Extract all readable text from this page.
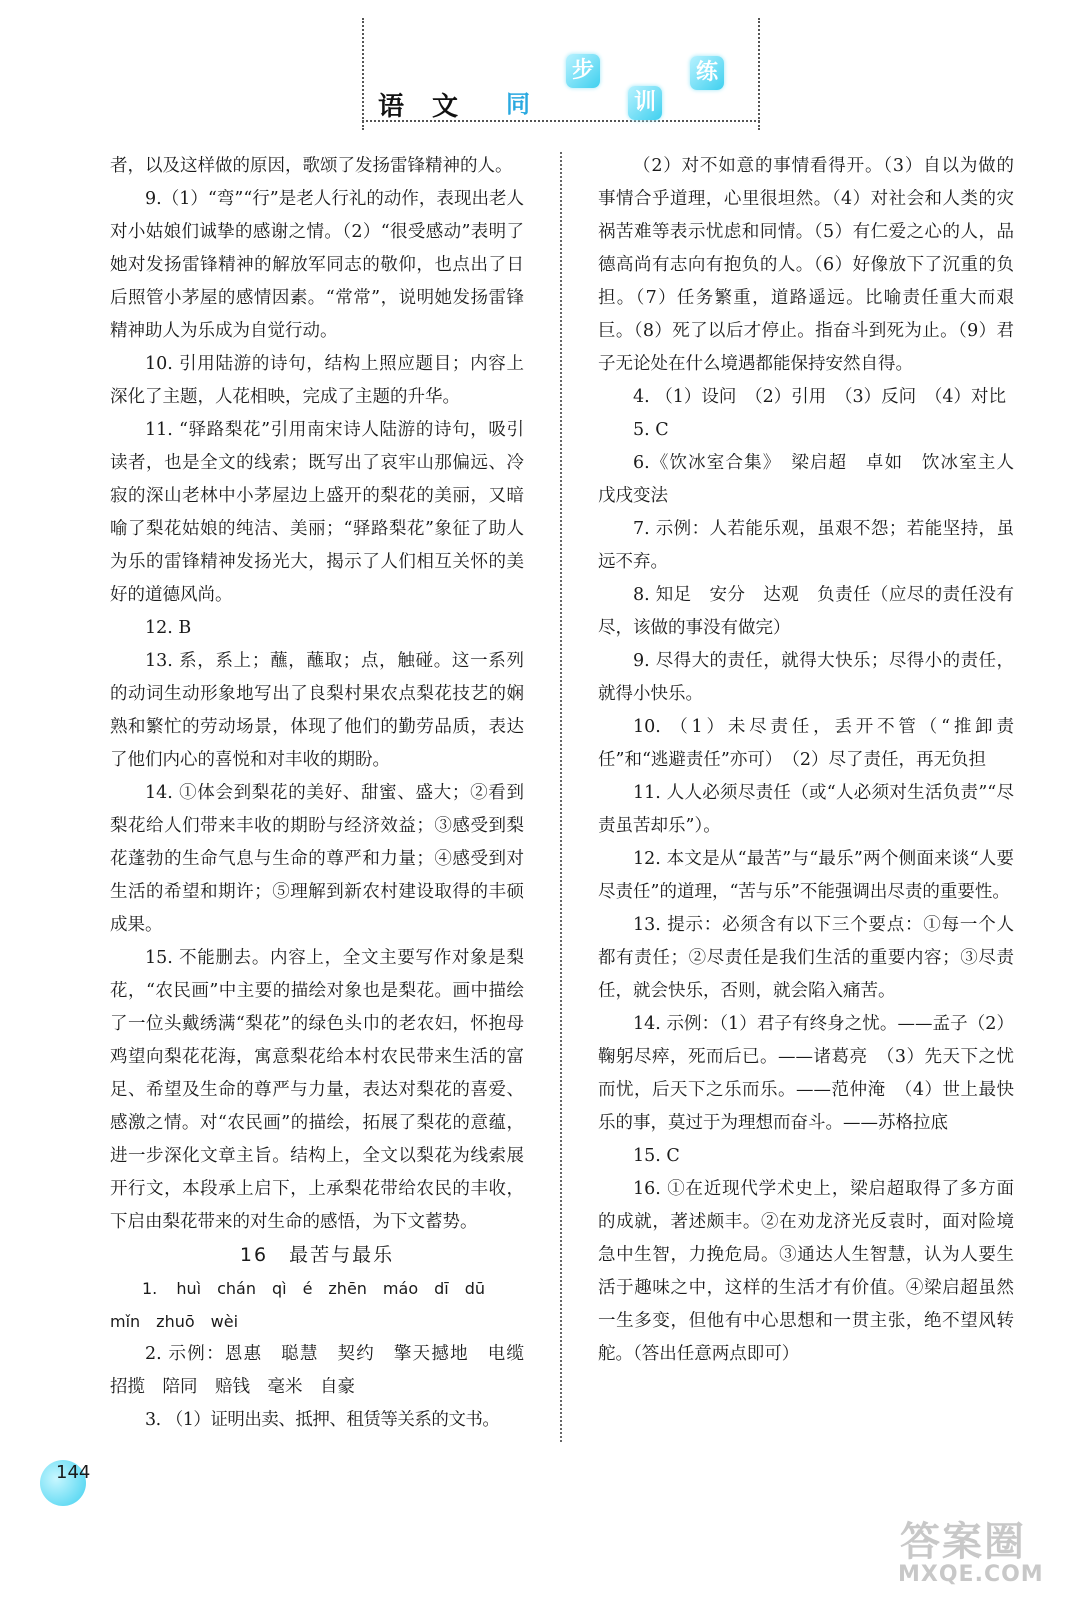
语 文 同
步
训
练
者，以及这样做的原因，歌颂了发扬雷锋精神的人。
9.（1）“弯”“行”是老人行礼的动作，表现出老人对小姑娘们诚挚的感谢之情。（2）“很受感动”表明了她对发扬雷锋精神的解放军同志的敬仰，也点出了日后照管小茅屋的感情因素。“常常”，说明她发扬雷锋精神助人为乐成为自觉行动。
10. 引用陆游的诗句，结构上照应题目；内容上深化了主题，人花相映，完成了主题的升华。
11. “驿路梨花”引用南宋诗人陆游的诗句，吸引读者，也是全文的线索；既写出了哀牢山那偏远、冷寂的深山老林中小茅屋边上盛开的梨花的美丽，又暗喻了梨花姑娘的纯洁、美丽；“驿路梨花”象征了助人为乐的雷锋精神发扬光大，揭示了人们相互关怀的美好的道德风尚。
12. B
13. 系，系上；蘸，蘸取；点，触碰。这一系列的动词生动形象地写出了良梨村果农点梨花技艺的娴熟和繁忙的劳动场景，体现了他们的勤劳品质，表达了他们内心的喜悦和对丰收的期盼。
14. ①体会到梨花的美好、甜蜜、盛大；②看到梨花给人们带来丰收的期盼与经济效益；③感受到梨花蓬勃的生命气息与生命的尊严和力量；④感受到对生活的希望和期许；⑤理解到新农村建设取得的丰硕成果。
15. 不能删去。内容上，全文主要写作对象是梨花，“农民画”中主要的描绘对象也是梨花。画中描绘了一位头戴绣满“梨花”的绿色头巾的老农妇，怀抱母鸡望向梨花花海，寓意梨花给本村农民带来生活的富足、希望及生命的尊严与力量，表达对梨花的喜爱、感激之情。对“农民画”的描绘，拓展了梨花的意蕴，进一步深化文章主旨。结构上，全文以梨花为线索展开行文，本段承上启下，上承梨花带给农民的丰收，下启由梨花带来的对生命的感悟，为下文蓄势。
16　最苦与最乐
1. huì　chán　qì　é　zhēn　máo　dī　dū
mǐn　zhuō　wèi
2. 示例：恩惠　聪慧　契约　擎天撼地　电缆　招揽　陪同　赔钱　毫米　自豪
3. （1）证明出卖、抵押、租赁等关系的文书。
（2）对不如意的事情看得开。（3）自以为做的事情合乎道理，心里很坦然。（4）对社会和人类的灾祸苦难等表示忧虑和同情。（5）有仁爱之心的人，品德高尚有志向有抱负的人。（6）好像放下了沉重的负担。（7）任务繁重，道路遥远。比喻责任重大而艰巨。（8）死了以后才停止。指奋斗到死为止。（9）君子无论处在什么境遇都能保持安然自得。
4. （1）设问　（2）引用　（3）反问　（4）对比
5. C
6.《饮冰室合集》　梁启超　卓如　饮冰室主人　戊戌变法
7. 示例：人若能乐观，虽艰不怨；若能坚持，虽远不弃。
8. 知足　安分　达观　负责任（应尽的责任没有尽，该做的事没有做完）
9. 尽得大的责任，就得大快乐；尽得小的责任，就得小快乐。
10. （1）未尽责任，丢开不管（“推卸责任”和“逃避责任”亦可）　（2）尽了责任，再无负担
11. 人人必须尽责任（或“人必须对生活负责”“尽责虽苦却乐”）。
12. 本文是从“最苦”与“最乐”两个侧面来谈“人要尽责任”的道理，“苦与乐”不能强调出尽责的重要性。
13. 提示：必须含有以下三个要点：①每一个人都有责任；②尽责任是我们生活的重要内容；③尽责任，就会快乐，否则，就会陷入痛苦。
14. 示例：（1）君子有终身之忧。——孟子（2）鞠躬尽瘁，死而后已。——诸葛亮　（3）先天下之忧而忧，后天下之乐而乐。——范仲淹　（4）世上最快乐的事，莫过于为理想而奋斗。——苏格拉底
15. C
16. ①在近现代学术史上，梁启超取得了多方面的成就，著述颇丰。②在劝龙济光反袁时，面对险境急中生智，力挽危局。③通达人生智慧，认为人要生活于趣味之中，这样的生活才有价值。④梁启超虽然一生多变，但他有中心思想和一贯主张，绝不望风转舵。（答出任意两点即可）
144
答案圈
MXQE.COM
